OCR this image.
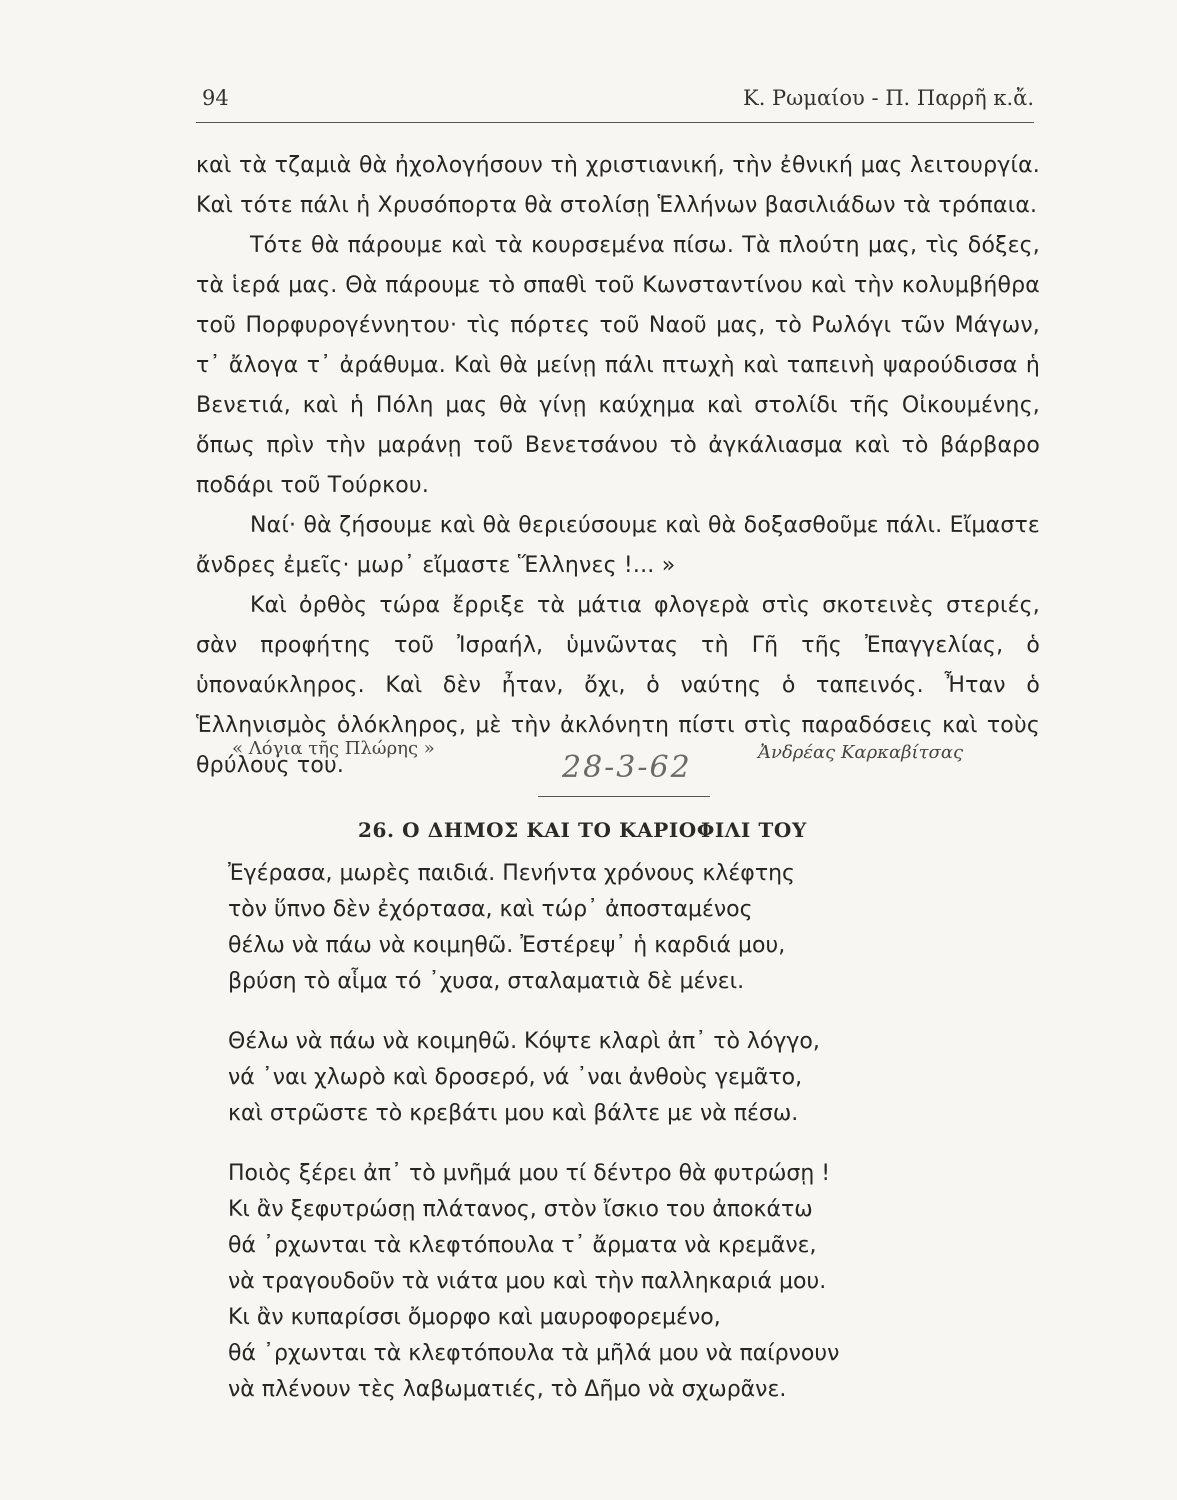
94	Κ. Ρωμαίου - Π. Παρρῆ κ.ἄ.

καὶ τὰ τζαμιὰ θὰ ἠχολογήσουν τὴ χριστιανική, τὴν ἐθνική μας λειτουργία. Καὶ τότε πάλι ἡ Χρυσόπορτα θὰ στολίσῃ Ἑλλήνων βασιλιάδων τὰ τρόπαια.

Τότε θὰ πάρουμε καὶ τὰ κουρσεμένα πίσω. Τὰ πλούτη μας, τὶς δόξες, τὰ ἱερά μας. Θὰ πάρουμε τὸ σπαθὶ τοῦ Κωνσταντίνου καὶ τὴν κολυμβήθρα τοῦ Πορφυρογέννητου· τὶς πόρτες τοῦ Ναοῦ μας, τὸ Ρωλόγι τῶν Μάγων, τ᾿ ἄλογα τ᾿ ἀράθυμα. Καὶ θὰ μείνῃ πάλι πτωχὴ καὶ ταπεινὴ ψαρούδισσα ἡ Βενετιά, καὶ ἡ Πόλη μας θὰ γίνῃ καύχημα καὶ στολίδι τῆς Οἰκουμένης, ὅπως πρὶν τὴν μαράνῃ τοῦ Βενετσάνου τὸ ἀγκάλιασμα καὶ τὸ βάρβαρο ποδάρι τοῦ Τούρκου.

Ναί· θὰ ζήσουμε καὶ θὰ θεριεύσουμε καὶ θὰ δοξασθοῦμε πάλι. Εἴμαστε ἄνδρες ἐμεῖς· μωρ᾿ εἴμαστε Ἕλληνες !... »

Καὶ ὀρθὸς τώρα ἔρριξε τὰ μάτια φλογερὰ στὶς σκοτεινὲς στεριές, σὰν προφήτης τοῦ Ἰσραήλ, ὑμνῶντας τὴ Γῆ τῆς Ἐπαγγελίας, ὁ ὑποναύκληρος. Καὶ δὲν ἦταν, ὄχι, ὁ ναύτης ὁ ταπεινός. Ἦταν ὁ Ἑλληνισμὸς ὁλόκληρος, μὲ τὴν ἀκλόνητη πίστι στὶς παραδόσεις καὶ τοὺς θρύλους του.

« Λόγια τῆς Πλώρης »	Ἀνδρέας Καρκαβίτσας
28-3-62
26. Ο ΔΗΜΟΣ ΚΑΙ ΤΟ ΚΑΡΙΟΦΙΛΙ ΤΟΥ
Ἐγέρασα, μωρὲς παιδιά. Πενήντα χρόνους κλέφτης
τὸν ὕπνο δὲν ἐχόρτασα, καὶ τώρ᾿ ἀποσταμένος
θέλω νὰ πάω νὰ κοιμηθῶ. Ἐστέρεψ᾿ ἡ καρδιά μου,
βρύση τὸ αἷμα τό ᾿χυσα, σταλαματιὰ δὲ μένει.
Θέλω νὰ πάω νὰ κοιμηθῶ. Κόψτε κλαρὶ ἀπ᾿ τὸ λόγγο,
νά ᾿ναι χλωρὸ καὶ δροσερό, νά ᾿ναι ἀνθοὺς γεμᾶτο,
καὶ στρῶστε τὸ κρεβάτι μου καὶ βάλτε με νὰ πέσω.
Ποιὸς ξέρει ἀπ᾿ τὸ μνῆμά μου τί δέντρο θὰ φυτρώσῃ !
Κι ἂν ξεφυτρώσῃ πλάτανος, στὸν ἴσκιο του ἀποκάτω
θά ᾿ρχωνται τὰ κλεφτόπουλα τ᾿ ἄρματα νὰ κρεμᾶνε,
νὰ τραγουδοῦν τὰ νιάτα μου καὶ τὴν παλληκαριά μου.
Κι ἂν κυπαρίσσι ὄμορφο καὶ μαυροφορεμένο,
θά ᾿ρχωνται τὰ κλεφτόπουλα τὰ μῆλά μου νὰ παίρνουν
νὰ πλένουν τὲς λαβωματιές, τὸ Δῆμο νὰ σχωρᾶνε.
